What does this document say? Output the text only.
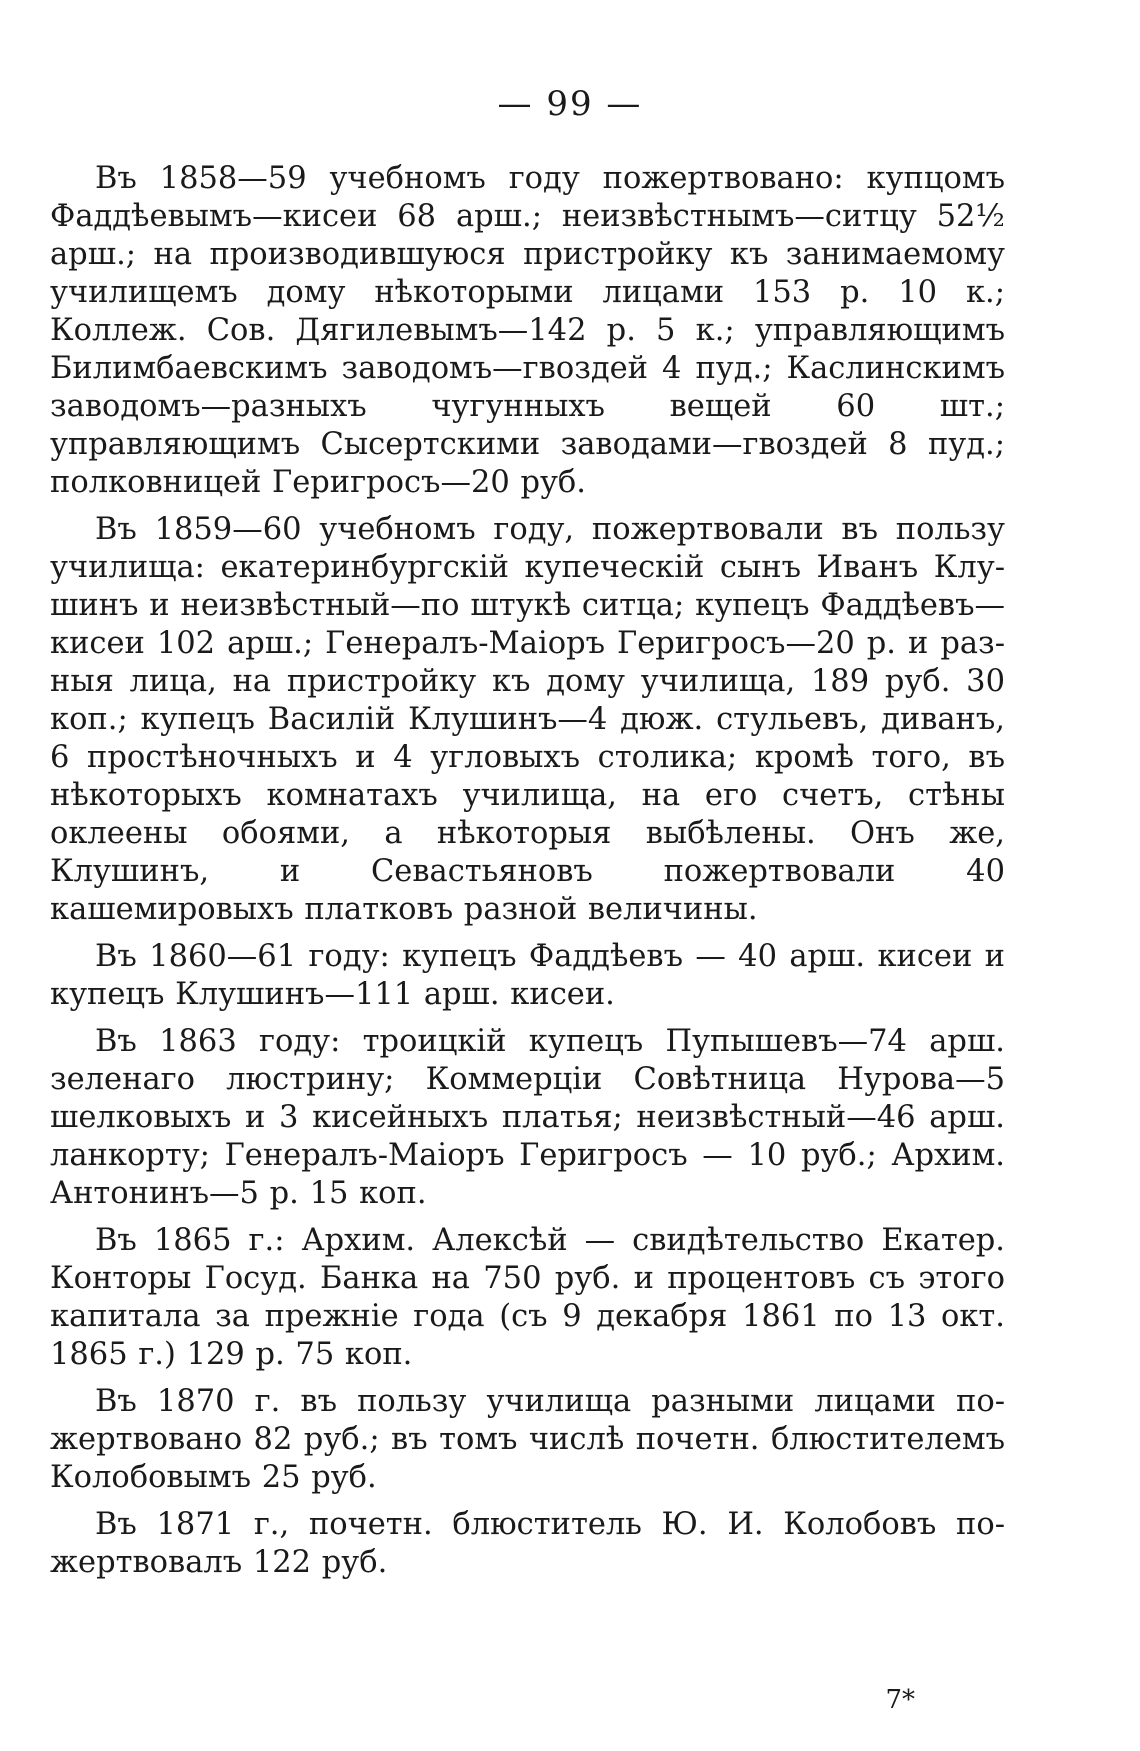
— 99 —

Въ 1858—59 учебномъ году пожертвовано: купцомъ Фаддѣевымъ—кисеи 68 арш.; неизвѣстнымъ—ситцу 52½ арш.; на производившуюся пристройку къ занимаемому училищемъ дому нѣкоторыми лицами 153 р. 10 к.; Коллеж. Сов. Дягилевымъ—142 р. 5 к.; управляющимъ Билимбаевскимъ заводомъ—гвоздей 4 пуд.; Каслинскимъ заводомъ—разныхъ чугунныхъ вещей 60 шт.; управляющимъ Сысертскими заводами—гвоздей 8 пуд.; полковницей Геригросъ—20 руб.

Въ 1859—60 учебномъ году, пожертвовали въ пользу училища: екатеринбургскій купеческій сынъ Иванъ Клушинъ и неизвѣстный—по штукѣ ситца; купецъ Фаддѣевъ—кисеи 102 арш.; Генералъ-Маіоръ Геригросъ—20 р. и разныя лица, на пристройку къ дому училища, 189 руб. 30 коп.; купецъ Василій Клушинъ—4 дюж. стульевъ, диванъ, 6 простѣночныхъ и 4 угловыхъ столика; кромѣ того, въ нѣкоторыхъ комнатахъ училища, на его счетъ, стѣны оклеены обоями, а нѣкоторыя выбѣлены. Онъ же, Клушинъ, и Севастьяновъ пожертвовали 40 кашемировыхъ платковъ разной величины.

Въ 1860—61 году: купецъ Фаддѣевъ — 40 арш. кисеи и купецъ Клушинъ—111 арш. кисеи.

Въ 1863 году: троицкій купецъ Пупышевъ—74 арш. зеленаго люстрину; Коммерціи Совѣтница Нурова—5 шелковыхъ и 3 кисейныхъ платья; неизвѣстный—46 арш. ланкорту; Генералъ-Маіоръ Геригросъ — 10 руб.; Архим. Антонинъ—5 р. 15 коп.

Въ 1865 г.: Архим. Алексѣй — свидѣтельство Екатер. Конторы Госуд. Банка на 750 руб. и процентовъ съ этого капитала за прежніе года (съ 9 декабря 1861 по 13 окт. 1865 г.) 129 р. 75 коп.

Въ 1870 г. въ пользу училища разными лицами пожертвовано 82 руб.; въ томъ числѣ почетн. блюстителемъ Колобовымъ 25 руб.

Въ 1871 г., почетн. блюститель Ю. И. Колобовъ пожертвовалъ 122 руб.

7*
